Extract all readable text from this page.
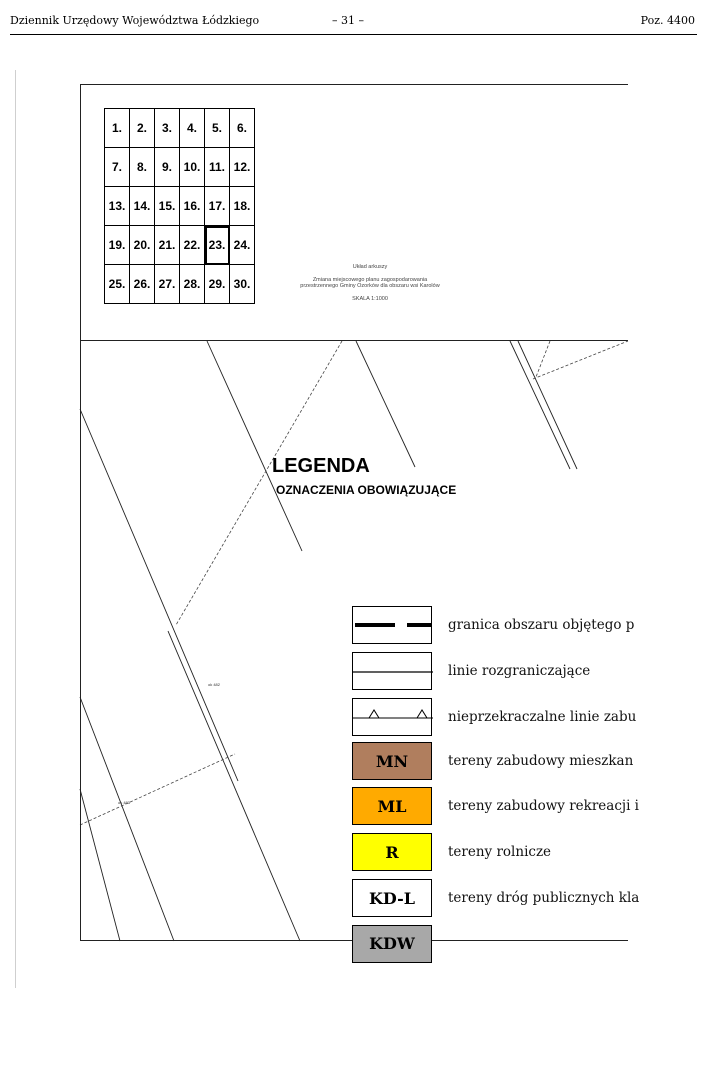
Dziennik Urzędowy Województwa Łódzkiego	– 31 –	Poz. 4400
1.	2.	3.	4.	5.	6.
7.	8.	9.	10.	11.	12.
13.	14.	15.	16.	17.	18.
19.	20.	21.	22.	23.	24.
25.	26.	27.	28.	29.	30.
Układ arkuszy
Zmiana miejscowego planu zagospodarowania
przestrzennego Gminy Ozorków dla obszaru wsi Karolów
SKALA 1:1000
ok 482
ok 483
LEGENDA
OZNACZENIA OBOWIĄZUJĄCE
granica obszaru objętego p
linie rozgraniczające
nieprzekraczalne linie zabu
MN	tereny zabudowy mieszkan
ML	tereny zabudowy rekreacji i
R	tereny rolnicze
KD-L	tereny dróg publicznych kla
KDW
